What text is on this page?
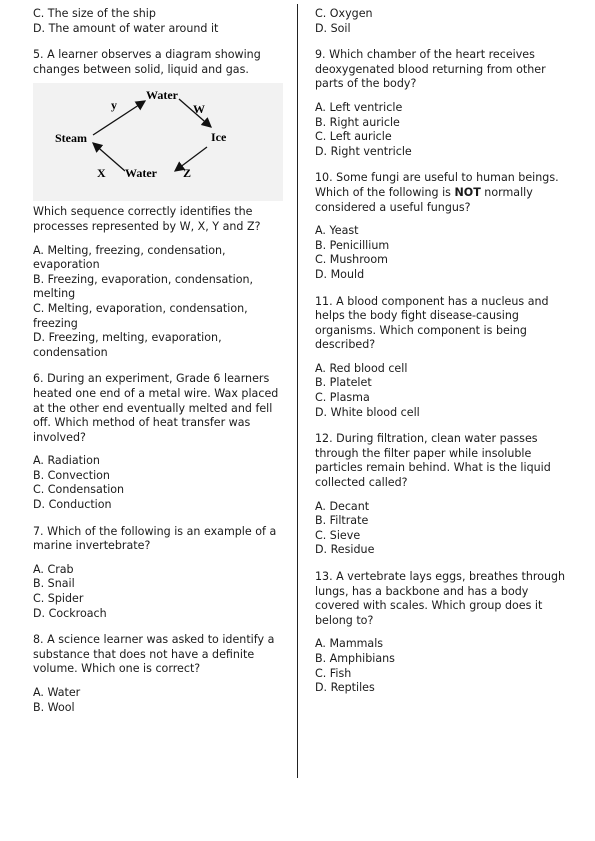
C. The size of the ship
D. The amount of water around it

5. A learner observes a diagram showing changes between solid, liquid and gas.

Water
Steam	Ice
Water
W
y
X	Z

Which sequence correctly identifies the processes represented by W, X, Y and Z?

A. Melting, freezing, condensation, evaporation
B. Freezing, evaporation, condensation, melting
C. Melting, evaporation, condensation, freezing
D. Freezing, melting, evaporation, condensation

6. During an experiment, Grade 6 learners heated one end of a metal wire. Wax placed at the other end eventually melted and fell off. Which method of heat transfer was involved?

A. Radiation
B. Convection
C. Condensation
D. Conduction

7. Which of the following is an example of a marine invertebrate?

A. Crab
B. Snail
C. Spider
D. Cockroach

8. A science learner was asked to identify a substance that does not have a definite volume. Which one is correct?

A. Water
B. Wool
C. Oxygen
D. Soil

9. Which chamber of the heart receives deoxygenated blood returning from other parts of the body?

A. Left ventricle
B. Right auricle
C. Left auricle
D. Right ventricle

10. Some fungi are useful to human beings. Which of the following is NOT normally considered a useful fungus?

A. Yeast
B. Penicillium
C. Mushroom
D. Mould

11. A blood component has a nucleus and helps the body fight disease-causing organisms. Which component is being described?

A. Red blood cell
B. Platelet
C. Plasma
D. White blood cell

12. During filtration, clean water passes through the filter paper while insoluble particles remain behind. What is the liquid collected called?

A. Decant
B. Filtrate
C. Sieve
D. Residue

13. A vertebrate lays eggs, breathes through lungs, has a backbone and has a body covered with scales. Which group does it belong to?

A. Mammals
B. Amphibians
C. Fish
D. Reptiles
